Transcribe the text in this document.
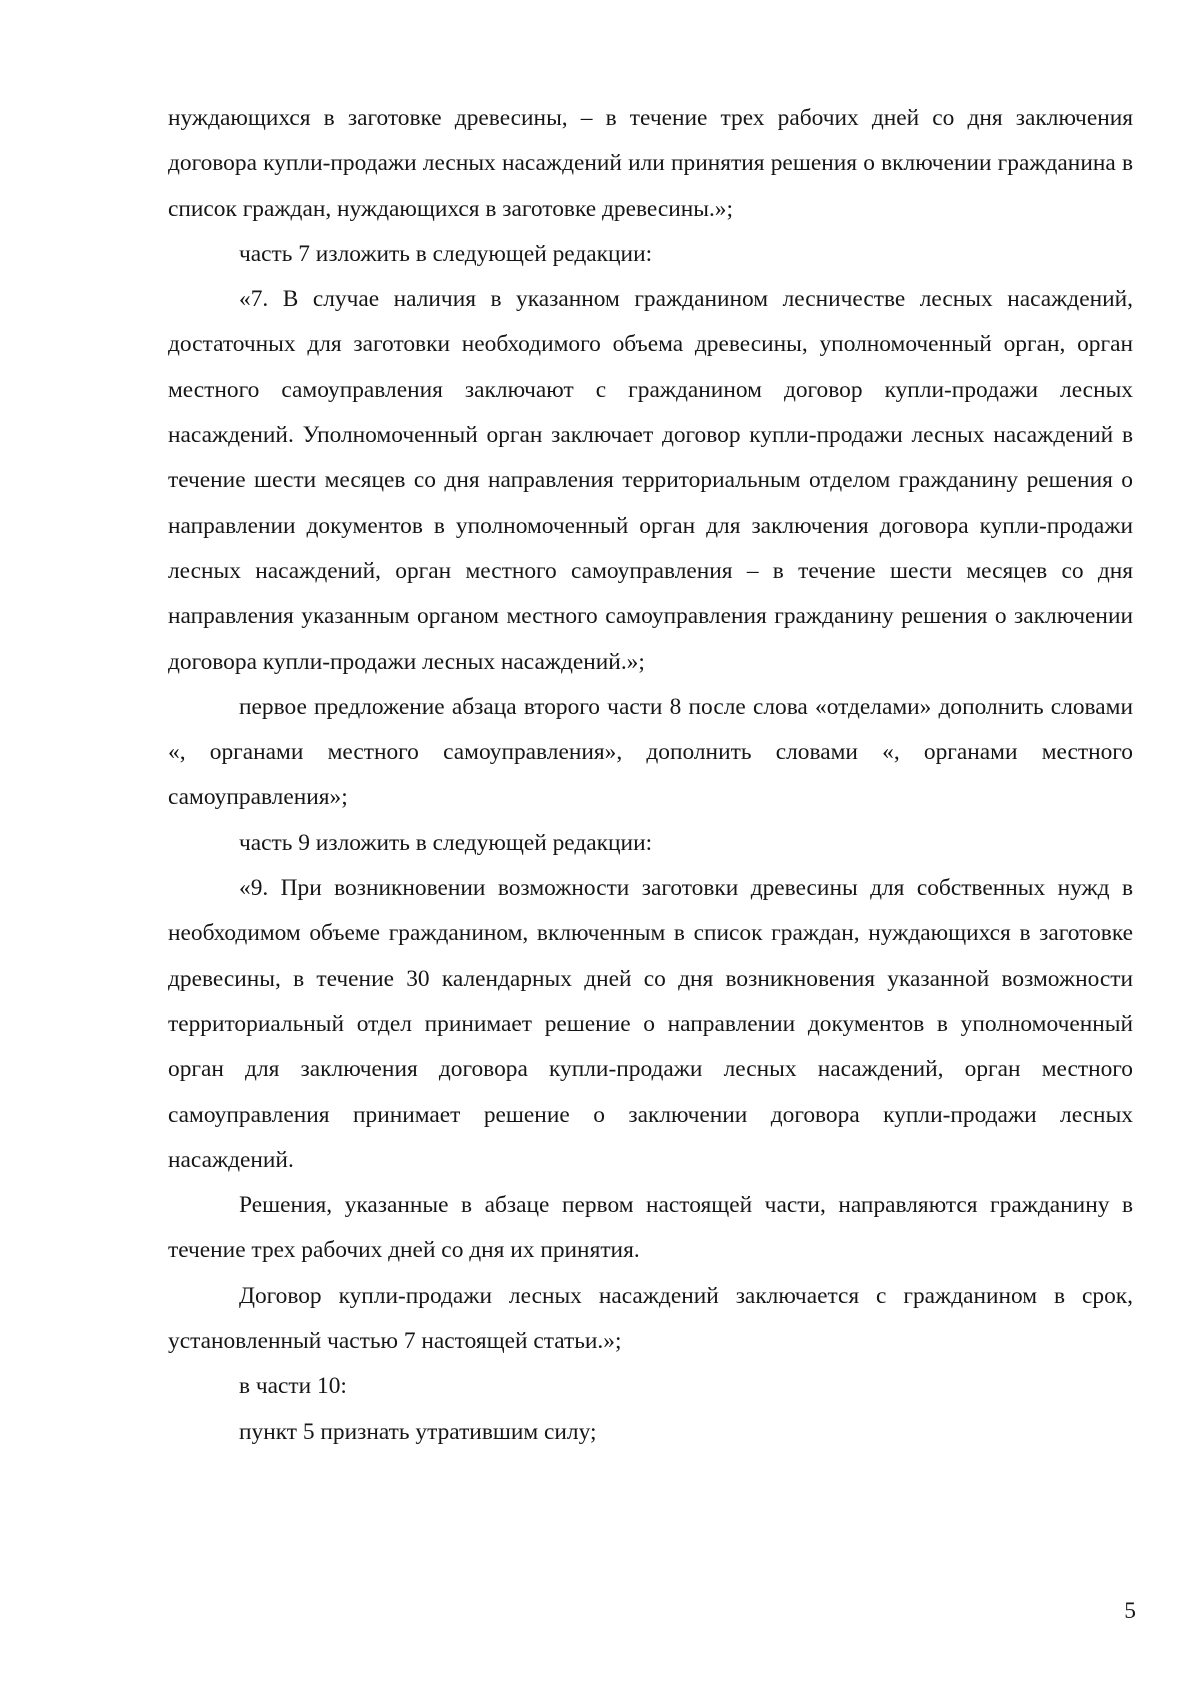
нуждающихся в заготовке древесины, – в течение трех рабочих дней со дня заключения договора купли-продажи лесных насаждений или принятия решения о включении гражданина в список граждан, нуждающихся в заготовке древесины.»;

часть 7 изложить в следующей редакции:

«7. В случае наличия в указанном гражданином лесничестве лесных насаждений, достаточных для заготовки необходимого объема древесины, уполномоченный орган, орган местного самоуправления заключают с гражданином договор купли-продажи лесных насаждений. Уполномоченный орган заключает договор купли-продажи лесных насаждений в течение шести месяцев со дня направления территориальным отделом гражданину решения о направлении документов в уполномоченный орган для заключения договора купли-продажи лесных насаждений, орган местного самоуправления – в течение шести месяцев со дня направления указанным органом местного самоуправления гражданину решения о заключении договора купли-продажи лесных насаждений.»;

первое предложение абзаца второго части 8 после слова «отделами» дополнить словами «, органами местного самоуправления», дополнить словами «, органами местного самоуправления»;

часть 9 изложить в следующей редакции:

«9. При возникновении возможности заготовки древесины для собственных нужд в необходимом объеме гражданином, включенным в список граждан, нуждающихся в заготовке древесины, в течение 30 календарных дней со дня возникновения указанной возможности территориальный отдел принимает решение о направлении документов в уполномоченный орган для заключения договора купли-продажи лесных насаждений, орган местного самоуправления принимает решение о заключении договора купли-продажи лесных насаждений.

Решения, указанные в абзаце первом настоящей части, направляются гражданину в течение трех рабочих дней со дня их принятия.

Договор купли-продажи лесных насаждений заключается с гражданином в срок, установленный частью 7 настоящей статьи.»;

в части 10:

пункт 5 признать утратившим силу;

5
